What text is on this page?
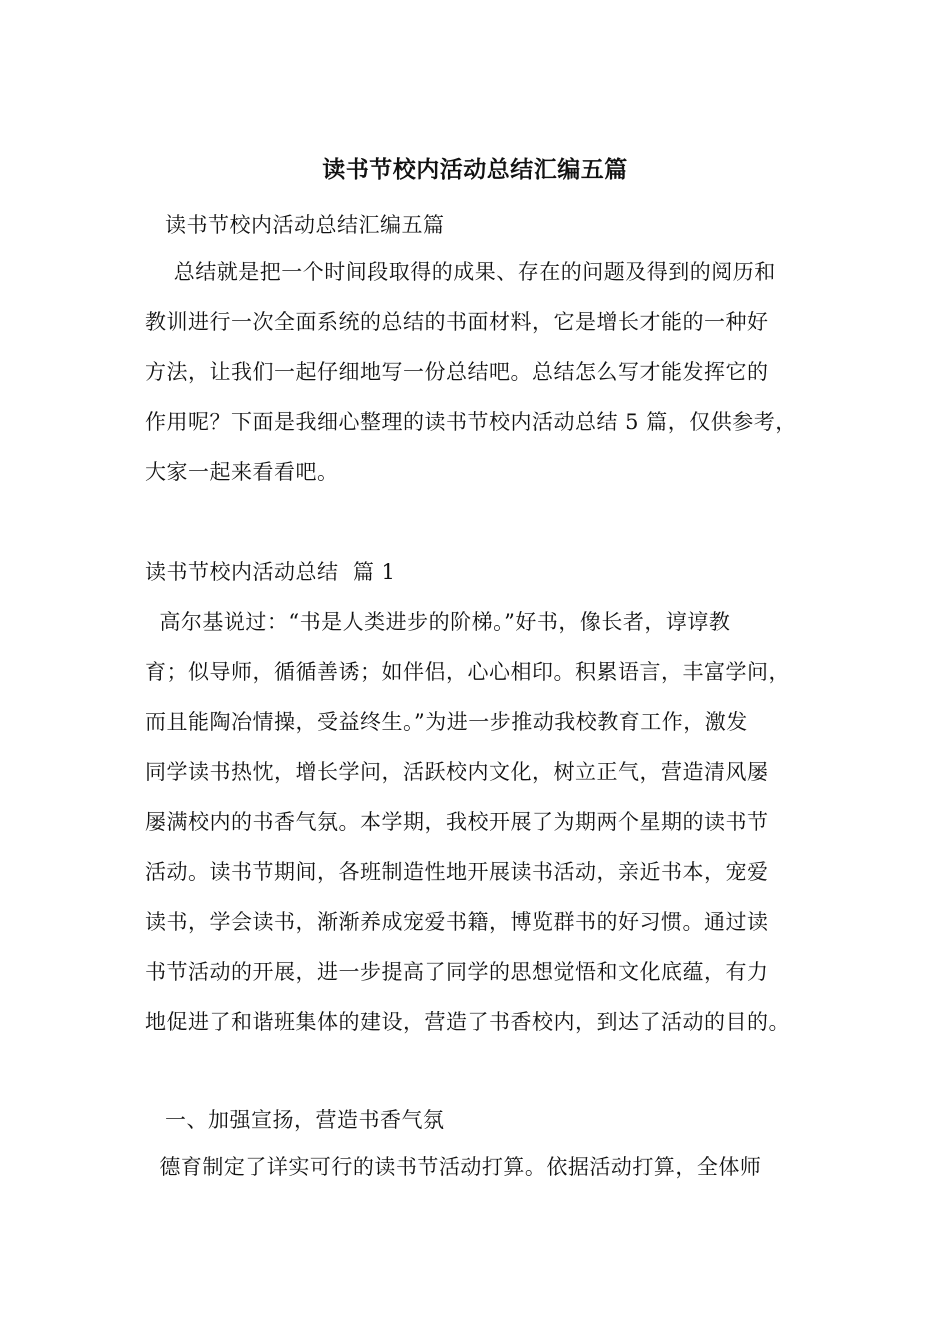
读书节校内活动总结汇编五篇
读书节校内活动总结汇编五篇
总结就是把一个时间段取得的成果、存在的问题及得到的阅历和
教训进行一次全面系统的总结的书面材料，它是增长才能的一种好
方法，让我们一起仔细地写一份总结吧。总结怎么写才能发挥它的
作用呢？下面是我细心整理的读书节校内活动总结 5 篇，仅供参考，
大家一起来看看吧。
读书节校内活动总结  篇 1
高尔基说过：“书是人类进步的阶梯。”好书，像长者，谆谆教
育；似导师，循循善诱；如伴侣，心心相印。积累语言，丰富学问，
而且能陶冶情操，受益终生。”为进一步推动我校教育工作，激发
同学读书热忱，增长学问，活跃校内文化，树立正气，营造清风屡
屡满校内的书香气氛。本学期，我校开展了为期两个星期的读书节
活动。读书节期间，各班制造性地开展读书活动，亲近书本，宠爱
读书，学会读书，渐渐养成宠爱书籍，博览群书的好习惯。通过读
书节活动的开展，进一步提高了同学的思想觉悟和文化底蕴，有力
地促进了和谐班集体的建设，营造了书香校内，到达了活动的目的。
一、加强宣扬，营造书香气氛
德育制定了详实可行的读书节活动打算。依据活动打算，全体师
